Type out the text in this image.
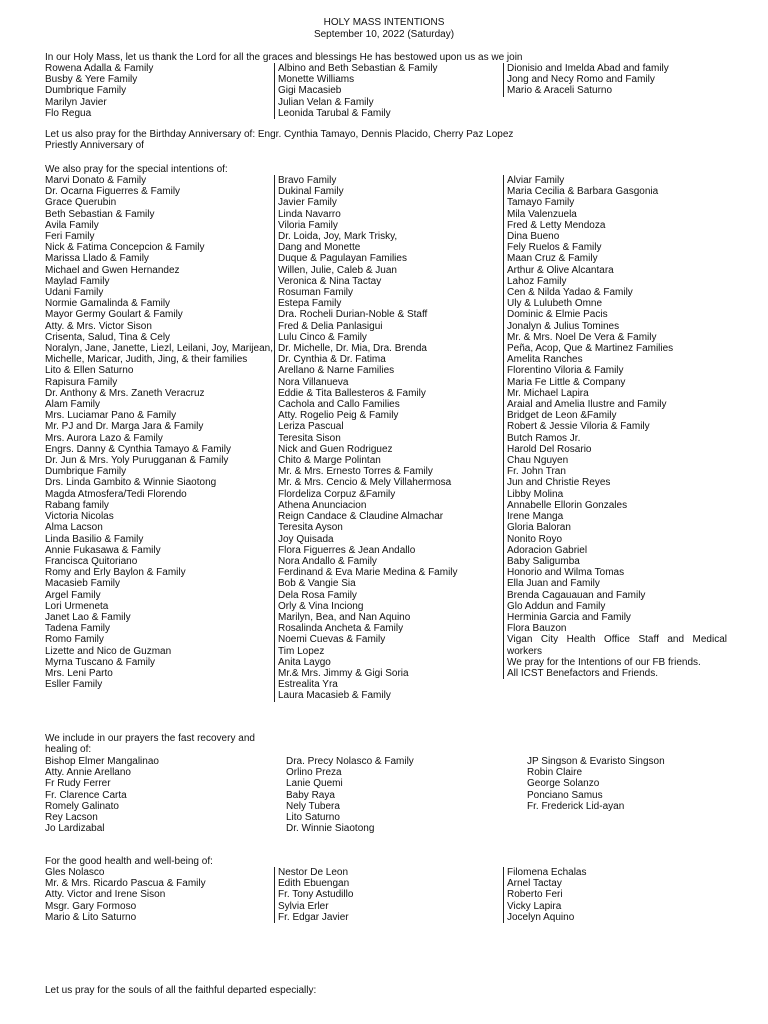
HOLY MASS INTENTIONS
September 10, 2022 (Saturday)
In our Holy Mass, let us thank the Lord for all the graces and blessings He has bestowed upon us as we join
Rowena Adalla & Family
Busby & Yere Family
Dumbrique Family
Marilyn Javier
Flo Regua
Albino and Beth Sebastian & Family
Monette Williams
Gigi Macasieb
Julian Velan & Family
Leonida Tarubal & Family
Dionisio and Imelda Abad and family
Jong and Necy Romo and Family
Mario & Araceli Saturno
Let us also pray for the Birthday Anniversary of: Engr. Cynthia Tamayo, Dennis Placido, Cherry Paz Lopez
Priestly Anniversary of
We also pray for the special intentions of:
Marvi Donato & Family
Dr. Ocarna Figuerres & Family
Grace Querubin
Beth Sebastian & Family
Avila Family
Feri Family
Nick & Fatima Concepcion & Family
Marissa Llado & Family
Michael and Gwen Hernandez
Maylad Family
Udani Family
Normie Gamalinda & Family
Mayor Germy Goulart & Family
Atty. & Mrs. Victor Sison
Crisenta, Salud, Tina & Cely
Noralyn, Jane, Janette, Liezl, Leilani, Joy, Marijean, Michelle, Maricar, Judith, Jing, & their families
Lito & Ellen Saturno
Rapisura Family
Dr. Anthony & Mrs. Zaneth Veracruz
Alam Family
Mrs. Luciamar Pano & Family
Mr. PJ and Dr. Marga Jara & Family
Mrs. Aurora Lazo & Family
Engrs. Danny & Cynthia Tamayo & Family
Dr. Jun & Mrs. Yoly Purugganan & Family
Dumbrique Family
Drs. Linda Gambito & Winnie Siaotong
Magda Atmosfera/Tedi Florendo
Rabang family
Victoria Nicolas
Alma Lacson
Linda Basilio & Family
Annie Fukasawa & Family
Francisca Quitoriano
Romy and Erly Baylon & Family
Macasieb Family
Argel Family
Lori Urmeneta
Janet Lao & Family
Tadena Family
Romo Family
Lizette and Nico de Guzman
Myrna Tuscano & Family
Mrs. Leni Parto
Esller Family
Bravo Family
Dukinal Family
Javier Family
Linda Navarro
Viloria Family
Dr. Loida, Joy, Mark Trisky,
Dang and Monette
Duque & Pagulayan Families
Willen, Julie, Caleb & Juan
Veronica & Nina Tactay
Rosuman Family
Estepa Family
Dra. Rocheli Durian-Noble & Staff
Fred & Delia Panlasigui
Lulu Cinco & Family
Dr. Michelle, Dr. Mia, Dra. Brenda
Dr. Cynthia & Dr. Fatima
Arellano & Narne Families
Nora Villanueva
Eddie & Tita Ballesteros & Family
Cachola and Callo Families
Atty. Rogelio Peig & Family
Leriza Pascual
Teresita Sison
Nick and Guen Rodriguez
Chito & Marge Polintan
Mr. & Mrs. Ernesto Torres & Family
Mr. & Mrs. Cencio & Mely Villahermosa
Flordeliza Corpuz &Family
Athena Anunciacion
Reign Candace & Claudine Almachar
Teresita Ayson
Joy Quisada
Flora Figuerres & Jean Andallo
Nora Andallo & Family
Ferdinand & Eva Marie Medina & Family
Bob & Vangie Sia
Dela Rosa Family
Orly & Vina Inciong
Marilyn, Bea, and Nan Aquino
Rosalinda Ancheta & Family
Noemi Cuevas & Family
Tim Lopez
Anita Laygo
Mr.& Mrs. Jimmy & Gigi Soria
Estrealita Yra
Laura Macasieb & Family
Alviar Family
Maria Cecilia & Barbara Gasgonia
Tamayo Family
Mila Valenzuela
Fred & Letty Mendoza
Dina Bueno
Fely Ruelos & Family
Maan Cruz & Family
Arthur & Olive Alcantara
Lahoz Family
Cen & Nilda Yadao & Family
Uly & Lulubeth Omne
Dominic & Elmie Pacis
Jonalyn & Julius Tomines
Mr. & Mrs. Noel De Vera & Family
Peña, Acop, Que & Martinez Families
Amelita Ranches
Florentino Viloria & Family
Maria Fe Little & Company
Mr. Michael Lapira
Araial and Amelia Ilustre and Family
Bridget de Leon &Family
Robert & Jessie Viloria & Family
Butch Ramos Jr.
Harold Del Rosario
Chau Nguyen
Fr. John Tran
Jun and Christie Reyes
Libby Molina
Annabelle Ellorin Gonzales
Irene Manga
Gloria Baloran
Nonito Royo
Adoracion Gabriel
Baby Saligumba
Honorio and Wilma Tomas
Ella Juan and Family
Brenda Cagauauan and Family
Glo Addun and Family
Herminia Garcia and Family
Flora Bauzon
Vigan City Health Office Staff and Medical workers
We pray for the Intentions of our FB friends.
All ICST Benefactors and Friends.
We include in our prayers the fast recovery and healing of:
Bishop Elmer Mangalinao
Atty. Annie Arellano
Fr Rudy Ferrer
Fr. Clarence Carta
Romely Galinato
Rey Lacson
Jo Lardizabal
Dra. Precy Nolasco & Family
Orlino Preza
Lanie Quemi
Baby Raya
Nely Tubera
Lito Saturno
Dr. Winnie Siaotong
JP Singson & Evaristo Singson
Robin Claire
George Solanzo
Ponciano Samus
Fr. Frederick Lid-ayan
For the good health and well-being of:
Gles Nolasco
Mr. & Mrs. Ricardo Pascua & Family
Atty. Victor and Irene Sison
Msgr. Gary Formoso
Mario & Lito Saturno
Nestor De Leon
Edith Ebuengan
Fr. Tony Astudillo
Sylvia Erler
Fr. Edgar Javier
Filomena Echalas
Arnel Tactay
Roberto Feri
Vicky Lapira
Jocelyn Aquino
Let us pray for the souls of all the faithful departed especially:
